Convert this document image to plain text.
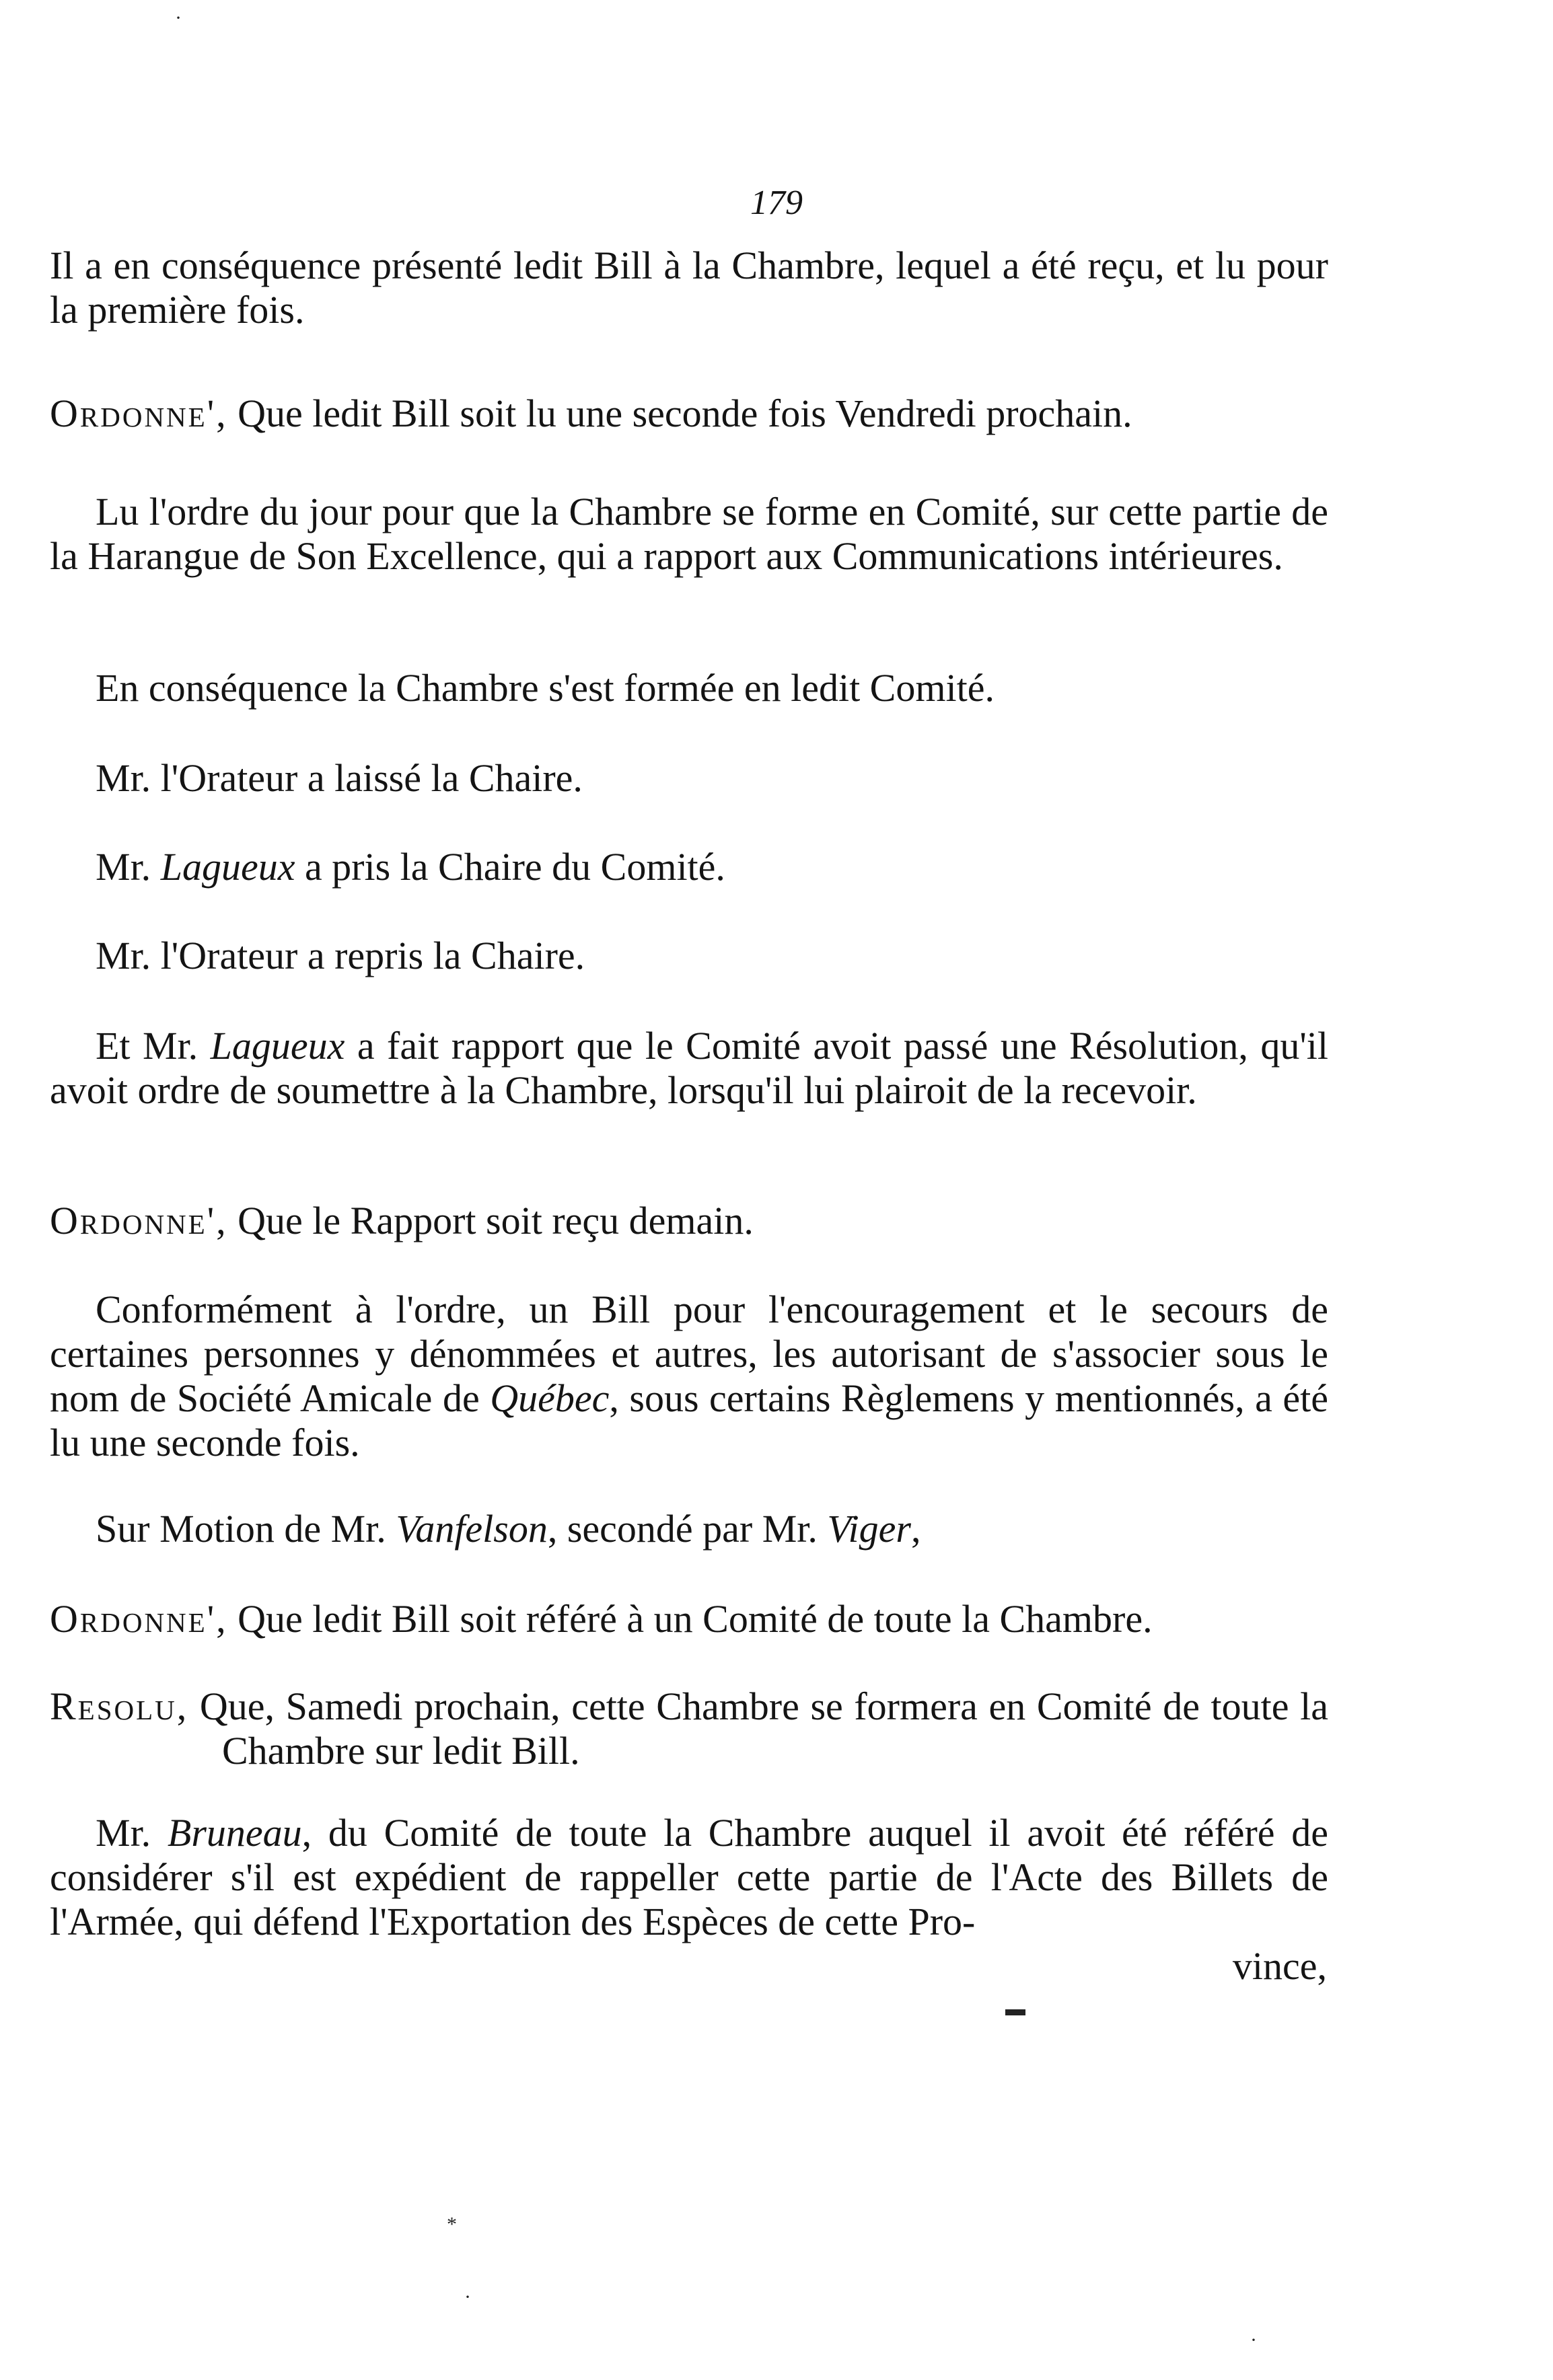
179

Il a en conséquence présenté ledit Bill à la Chambre, lequel a été reçu, et lu pour la première fois.

Ordonne', Que ledit Bill soit lu une seconde fois Vendredi prochain.

Lu l'ordre du jour pour que la Chambre se forme en Comité, sur cette partie de la Harangue de Son Excellence, qui a rapport aux Communications intérieures.

En conséquence la Chambre s'est formée en ledit Comité.

Mr. l'Orateur a laissé la Chaire.

Mr. Lagueux a pris la Chaire du Comité.

Mr. l'Orateur a repris la Chaire.

Et Mr. Lagueux a fait rapport que le Comité avoit passé une Résolution, qu'il avoit ordre de soumettre à la Chambre, lorsqu'il lui plairoit de la recevoir.

Ordonne', Que le Rapport soit reçu demain.

Conformément à l'ordre, un Bill pour l'encouragement et le secours de certaines personnes y dénommées et autres, les autorisant de s'associer sous le nom de Société Amicale de Québec, sous certains Règlemens y mentionnés, a été lu une seconde fois.

Sur Motion de Mr. Vanfelson, secondé par Mr. Viger,

Ordonne', Que ledit Bill soit référé à un Comité de toute la Chambre.

Resolu, Que, Samedi prochain, cette Chambre se formera en Comité de toute la Chambre sur ledit Bill.

Mr. Bruneau, du Comité de toute la Chambre auquel il avoit été référé de considérer s'il est expédient de rappeller cette partie de l'Acte des Billets de l'Armée, qui défend l'Exportation des Espèces de cette Pro-

vince,
▬
*
·
·
·
